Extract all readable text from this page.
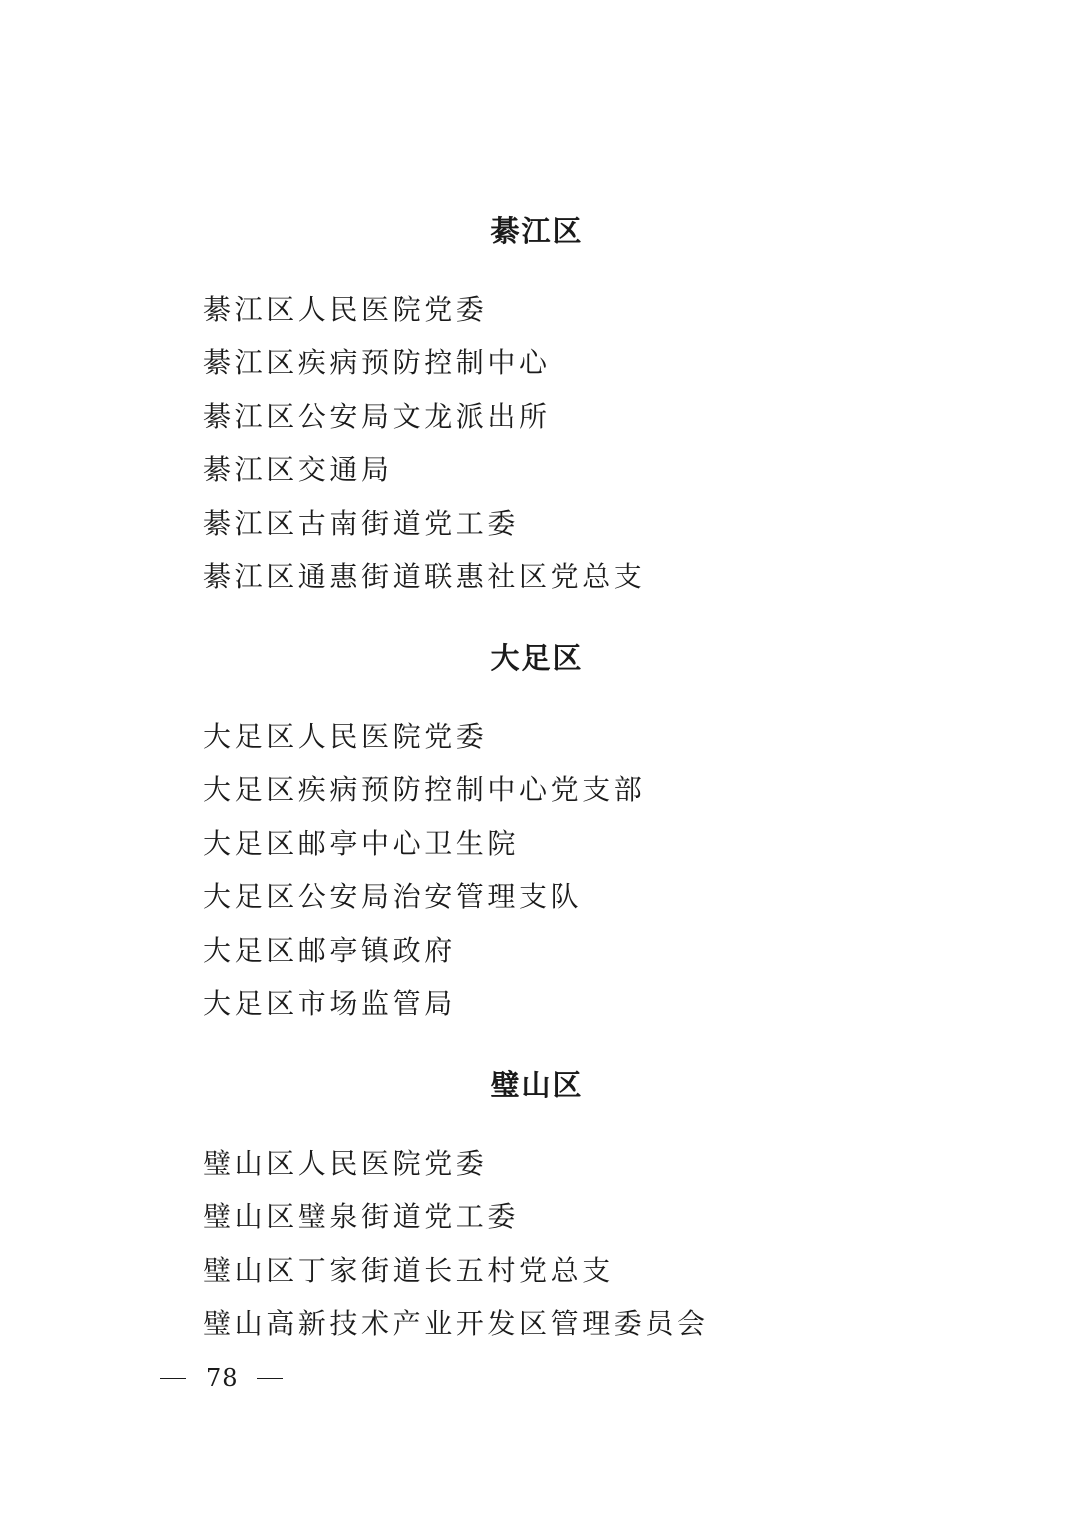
綦江区
綦江区人民医院党委
綦江区疾病预防控制中心
綦江区公安局文龙派出所
綦江区交通局
綦江区古南街道党工委
綦江区通惠街道联惠社区党总支
大足区
大足区人民医院党委
大足区疾病预防控制中心党支部
大足区邮亭中心卫生院
大足区公安局治安管理支队
大足区邮亭镇政府
大足区市场监管局
璧山区
璧山区人民医院党委
璧山区璧泉街道党工委
璧山区丁家街道长五村党总支
璧山高新技术产业开发区管理委员会
78
